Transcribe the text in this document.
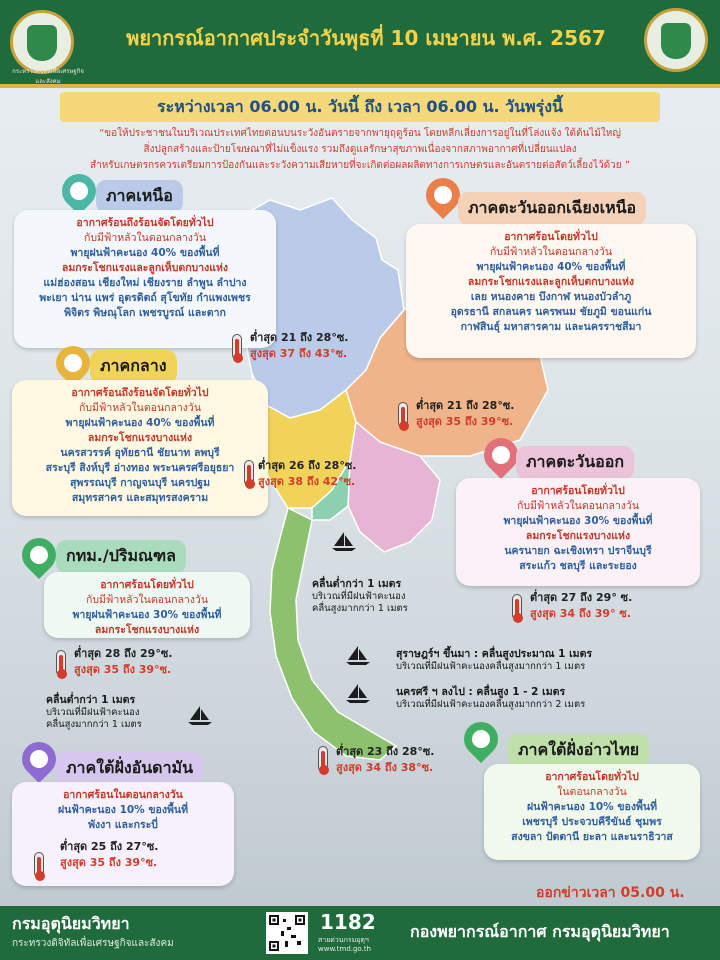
กระทรวงดิจิทัลเพื่อเศรษฐกิจและสังคม
พยากรณ์อากาศประจำวันพุธที่ 10 เมษายน พ.ศ. 2567
ระหว่างเวลา 06.00 น. วันนี้ ถึง เวลา 06.00 น. วันพรุ่งนี้
“ขอให้ประชาชนในบริเวณประเทศไทยตอนบนระวังอันตรายจากพายุฤดูร้อน โดยหลีกเลี่ยงการอยู่ในที่โล่งแจ้ง ใต้ต้นไม้ใหญ่
สิ่งปลูกสร้างและป้ายโฆษณาที่ไม่แข็งแรง รวมถึงดูแลรักษาสุขภาพเนื่องจากสภาพอากาศที่เปลี่ยนแปลง
สำหรับเกษตรกรควรเตรียมการป้องกันและระวังความเสียหายที่จะเกิดต่อผลผลิตทางการเกษตรและอันตรายต่อสัตว์เลี้ยงไว้ด้วย ”
ภาคเหนือ
อากาศร้อนถึงร้อนจัดโดยทั่วไป
กับมีฟ้าหลัวในตอนกลางวัน
พายุฝนฟ้าคะนอง 40% ของพื้นที่
ลมกระโชกแรงและลูกเห็บตกบางแห่ง
แม่ฮ่องสอน เชียงใหม่ เชียงราย ลำพูน ลำปาง
พะเยา น่าน แพร่ อุตรดิตถ์ สุโขทัย กำแพงเพชร
พิจิตร พิษณุโลก เพชรบูรณ์ และตาก
ต่ำสุด 21 ถึง 28°ซ.
สูงสุด 37 ถึง 43°ซ.
ภาคตะวันออกเฉียงเหนือ
อากาศร้อนโดยทั่วไป
กับมีฟ้าหลัวในตอนกลางวัน
พายุฝนฟ้าคะนอง 40% ของพื้นที่
ลมกระโชกแรงและลูกเห็บตกบางแห่ง
เลย หนองคาย บึงกาฬ หนองบัวลำภู
อุดรธานี สกลนคร นครพนม ชัยภูมิ ขอนแก่น
กาฬสินธุ์ มหาสารคาม และนครราชสีมา
ต่ำสุด 21 ถึง 28°ซ.
สูงสุด 35 ถึง 39°ซ.
ภาคกลาง
อากาศร้อนถึงร้อนจัดโดยทั่วไป
กับมีฟ้าหลัวในตอนกลางวัน
พายุฝนฟ้าคะนอง 40% ของพื้นที่
ลมกระโชกแรงบางแห่ง
นครสวรรค์ อุทัยธานี ชัยนาท ลพบุรี
สระบุรี สิงห์บุรี อ่างทอง พระนครศรีอยุธยา
สุพรรณบุรี กาญจนบุรี นครปฐม
สมุทรสาคร และสมุทรสงคราม
ต่ำสุด 26 ถึง 28°ซ.
สูงสุด 38 ถึง 42°ซ.
ภาคตะวันออก
อากาศร้อนโดยทั่วไป
กับมีฟ้าหลัวในตอนกลางวัน
พายุฝนฟ้าคะนอง 30% ของพื้นที่
ลมกระโชกแรงบางแห่ง
นครนายก ฉะเชิงเทรา ปราจีนบุรี
สระแก้ว ชลบุรี และระยอง
ต่ำสุด 27 ถึง 29° ซ.
สูงสุด 34 ถึง 39° ซ.
กทม./ปริมณฑล
อากาศร้อนโดยทั่วไป
กับมีฟ้าหลัวในตอนกลางวัน
พายุฝนฟ้าคะนอง 30% ของพื้นที่
ลมกระโชกแรงบางแห่ง
ต่ำสุด 28 ถึง 29°ซ.
สูงสุด 35 ถึง 39°ซ.
คลื่นต่ำกว่า 1 เมตร
บริเวณที่มีฝนฟ้าคะนอง
คลื่นสูงมากกว่า 1 เมตร
สุราษฎร์ฯ ขึ้นมา : คลื่นสูงประมาณ 1 เมตร
บริเวณที่มีฝนฟ้าคะนองคลื่นสูงมากกว่า 1 เมตร
นครศรี ฯ ลงไป : คลื่นสูง 1 - 2 เมตร
บริเวณที่มีฝนฟ้าคะนองคลื่นสูงมากกว่า 2 เมตร
คลื่นต่ำกว่า 1 เมตร
บริเวณที่มีฝนฟ้าคะนอง
คลื่นสูงมากกว่า 1 เมตร
ต่ำสุด 23 ถึง 28°ซ.
สูงสุด 34 ถึง 38°ซ.
ภาคใต้ฝั่งอ่าวไทย
อากาศร้อนโดยทั่วไป
ในตอนกลางวัน
ฝนฟ้าคะนอง 10% ของพื้นที่
เพชรบุรี ประจวบคีรีขันธ์ ชุมพร
สงขลา ปัตตานี ยะลา และนราธิวาส
ภาคใต้ฝั่งอันดามัน
อากาศร้อนในตอนกลางวัน
ฝนฟ้าคะนอง 10% ของพื้นที่
พังงา และกระบี่
ต่ำสุด 25 ถึง 27°ซ.
สูงสุด 35 ถึง 39°ซ.
ออกข่าวเวลา 05.00 น.
กรมอุตุนิยมวิทยา
กระทรวงดิจิทัลเพื่อเศรษฐกิจและสังคม
1182
สายด่วนกรมอุตุฯ
www.tmd.go.th
กองพยากรณ์อากาศ กรมอุตุนิยมวิทยา
